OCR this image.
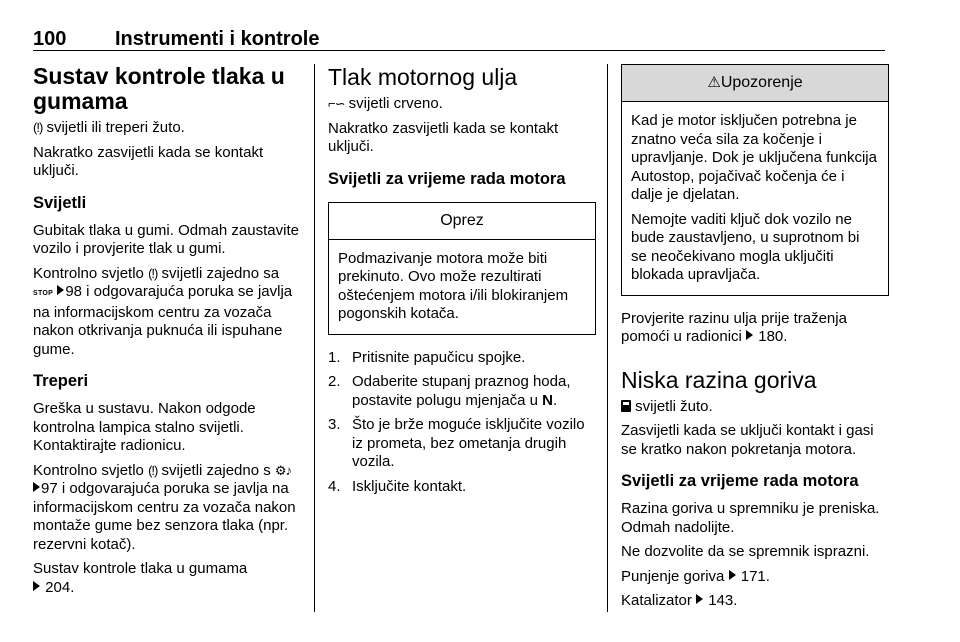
100 Instrumenti i kontrole
Sustav kontrole tlaka u gumama

(!) svijetli ili treperi žuto.

Nakratko zasvijetli kada se kontakt uključi.

Svijetli

Gubitak tlaka u gumi. Odmah zaustavite vozilo i provjerite tlak u gumi.

Kontrolno svjetlo (!) svijetli zajedno sa STOP 98 i odgovarajuća poruka se javlja na informacijskom centru za vozača nakon otkrivanja puknuća ili ispuhane gume.

Treperi

Greška u sustavu. Nakon odgode kontrolna lampica stalno svijetli. Kontaktirajte radionicu.

Kontrolno svjetlo (!) svijetli zajedno s ⚙♪ 97 i odgovarajuća poruka se javlja na informacijskom centru za vozača nakon montaže gume bez senzora tlaka (npr. rezervni kotač).

Sustav kontrole tlaka u gumama
204.

Tlak motornog ulja

⌐∽ svijetli crveno.

Nakratko zasvijetli kada se kontakt uključi.

Svijetli za vrijeme rada motora
Oprez

Podmazivanje motora može biti prekinuto. Ovo može rezultirati oštećenjem motora i/ili blokiranjem pogonskih kotača.

1. Pritisnite papučicu spojke.
2. Odaberite stupanj praznog hoda, postavite polugu mjenjača u N.
3. Što je brže moguće isključite vozilo iz prometa, bez ometanja drugih vozila.
4. Isključite kontakt.
⚠Upozorenje

Kad je motor isključen potrebna je znatno veća sila za kočenje i upravljanje. Dok je uključena funkcija Autostop, pojačivač kočenja će i dalje je djelatan.

Nemojte vaditi ključ dok vozilo ne bude zaustavljeno, u suprotnom bi se neočekivano mogla uključiti blokada upravljača.

Provjerite razinu ulja prije traženja pomoći u radionici  180.

Niska razina goriva

svijetli žuto.

Zasvijetli kada se uključi kontakt i gasi se kratko nakon pokretanja motora.

Svijetli za vrijeme rada motora

Razina goriva u spremniku je preniska. Odmah nadolijte.

Ne dozvolite da se spremnik isprazni.

Punjenje goriva  171.

Katalizator  143.
